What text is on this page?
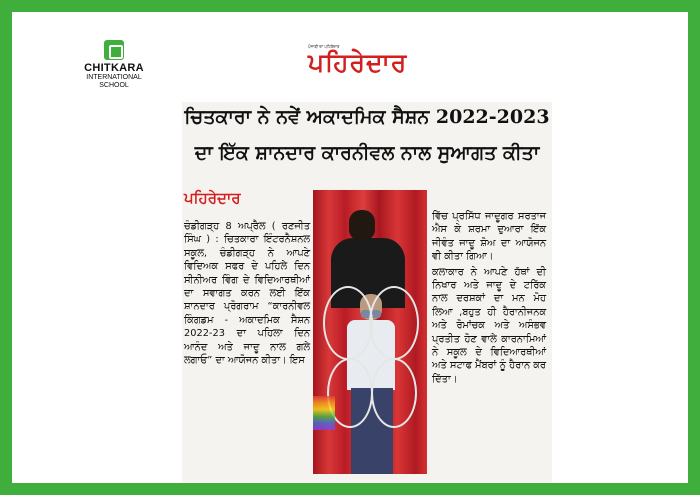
CHITKARA
INTERNATIONAL
SCHOOL
ਪੰਜਾਬੀ ਦਾ ਪਹਿਰੇਦਾਰ
ਪਹਿਰੇਦਾਰ
ਚਿਤਕਾਰਾ ਨੇ ਨਵੇਂ ਅਕਾਦਮਿਕ ਸੈਸ਼ਨ 2022-2023
ਦਾ ਇੱਕ ਸ਼ਾਨਦਾਰ ਕਾਰਨੀਵਲ ਨਾਲ ਸੁਆਗਤ ਕੀਤਾ
ਪਹਿਰੇਦਾਰ

ਚੰਡੀਗੜ੍ਹ 8 ਅਪ੍ਰੈਲ ( ਰਣਜੀਤ ਸਿੰਘ ) : ਚਿਤਕਾਰਾ ਇੰਟਰਨੈਸ਼ਨਲ ਸਕੂਲ, ਚੰਡੀਗੜ੍ਹ ਨੇ ਆਪਣੇ ਵਿਦਿਅਕ ਸਫਰ ਦੇ ਪਹਿਲੇ ਦਿਨ ਸੀਨੀਅਰ ਵਿੰਗ ਦੇ ਵਿਦਿਆਰਥੀਆਂ ਦਾ ਸਵਾਗਤ ਕਰਨ ਲਈ ਇੱਕ ਸ਼ਾਨਦਾਰ ਪ੍ਰੋਗਰਾਮ “ਕਾਰਨੀਵਲ ਕਿੰਗਡਮ - ਅਕਾਦਮਿਕ ਸੈਸ਼ਨ 2022-23 ਦਾ ਪਹਿਲਾ ਦਿਨ ਆਨੰਦ ਅਤੇ ਜਾਦੂ ਨਾਲ ਗਲੇ ਲਗਾਓ” ਦਾ ਆਯੋਜਨ ਕੀਤਾ। ਇਸ

ਵਿੱਚ ਪ੍ਰਸਿੱਧ ਜਾਦੂਗਰ ਸਰਤਾਜ ਐਸ ਕੇ ਸ਼ਰਮਾ ਦੁਆਰਾ ਇੱਕ ਜੀਵੰਤ ਜਾਦੂ ਸ਼ੋਅ ਦਾ ਆਯੋਜਨ ਵੀ ਕੀਤਾ ਗਿਆ।

ਕਲਾਕਾਰ ਨੇ ਆਪਣੇ ਹੱਥਾਂ ਦੀ ਨਿਖਾਰ ਅਤੇ ਜਾਦੂ ਦੇ ਟਰਿੱਕ ਨਾਲ ਦਰਸ਼ਕਾਂ ਦਾ ਮਨ ਮੋਹ ਲਿਆ ,ਬਹੁਤ ਹੀ ਹੈਰਾਨੀਜਨਕ ਅਤੇ ਰੋਮਾਂਚਕ ਅਤੇ ਅਸੰਭਵ ਪ੍ਰਤੀਤ ਹੋਣ ਵਾਲੇ ਕਾਰਨਾਮਿਆਂ ਨੇ ਸਕੂਲ ਦੇ ਵਿਦਿਆਰਥੀਆਂ ਅਤੇ ਸਟਾਫ ਮੈਂਬਰਾਂ ਨੂੰ ਹੈਰਾਨ ਕਰ ਦਿੱਤਾ।
